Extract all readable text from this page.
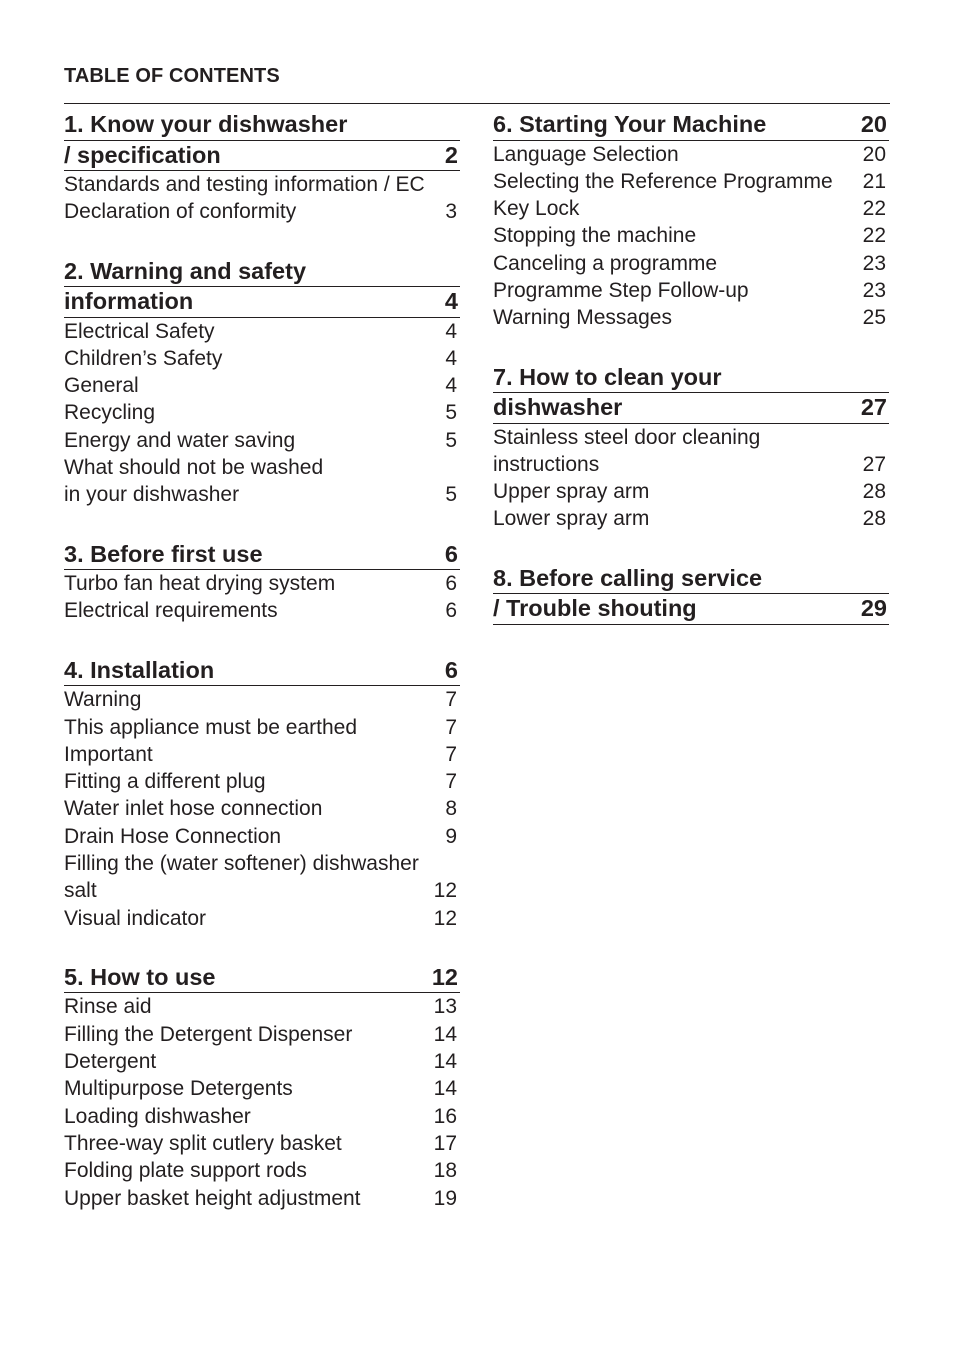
TABLE OF CONTENTS
1. Know your dishwasher
/ specification	2
Standards and testing information / EC
Declaration of conformity	3
2. Warning and safety
information	4
Electrical Safety	4
Children’s Safety	4
General	4
Recycling	5
Energy and water saving	5
What should not be washed
in your dishwasher	5
3. Before first use	6
Turbo fan heat drying system	6
Electrical requirements	6
4. Installation	6
Warning	7
This appliance must be earthed	7
Important	7
Fitting a different plug	7
Water inlet hose connection	8
Drain Hose Connection	9
Filling the (water softener) dishwasher
salt	12
Visual indicator	12
5. How to use	12
Rinse aid	13
Filling the Detergent Dispenser	14
Detergent	14
Multipurpose Detergents	14
Loading dishwasher	16
Three-way split cutlery basket	17
Folding plate support rods	18
Upper basket height adjustment	19
6. Starting Your Machine	20
Language Selection	20
Selecting the Reference Programme 21
Key Lock	22
Stopping the machine	22
Canceling a programme	23
Programme Step Follow-up	23
Warning Messages	25
7. How to clean your
dishwasher	27
Stainless steel door cleaning
instructions	27
Upper spray arm	28
Lower spray arm	28
8. Before calling service
/ Trouble shouting	29
